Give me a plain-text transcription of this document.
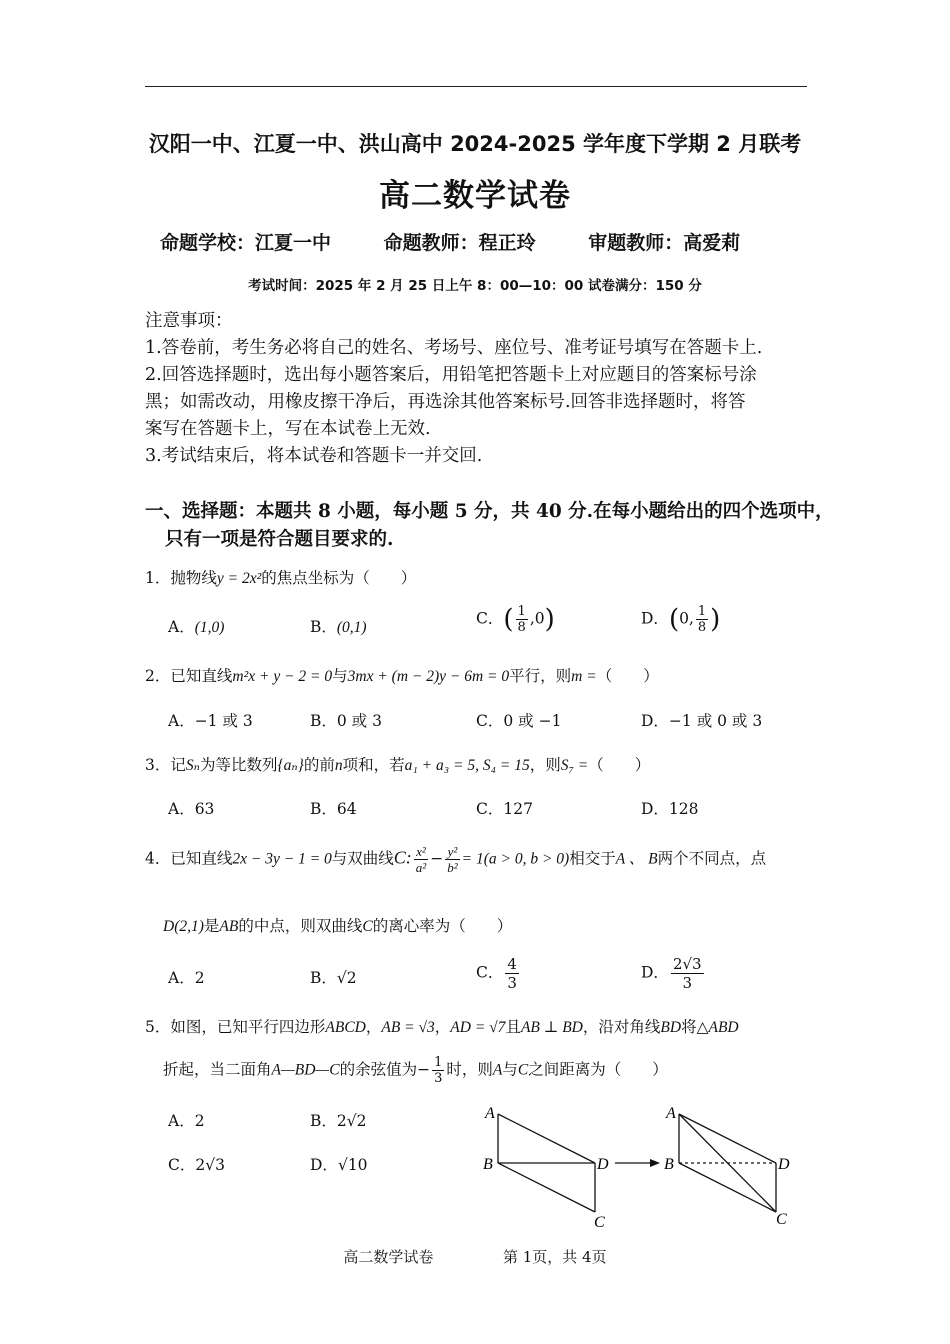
汉阳一中、江夏一中、洪山高中 2024-2025 学年度下学期 2 月联考
高二数学试卷
命题学校：江夏一中	命题教师：程正玲	审题教师：高爱莉
考试时间：2025 年 2 月 25 日上午 8：00—10：00 试卷满分：150 分
注意事项：
1.答卷前，考生务必将自己的姓名、考场号、座位号、准考证号填写在答题卡上.
2.回答选择题时，选出每小题答案后，用铅笔把答题卡上对应题目的答案标号涂
黑；如需改动，用橡皮擦干净后，再选涂其他答案标号.回答非选择题时，将答
案写在答题卡上，写在本试卷上无效.
3.考试结束后，将本试卷和答题卡一并交回.
一、选择题：本题共 8 小题，每小题 5 分，共 40 分.在每小题给出的四个选项中，
只有一项是符合题目要求的.
1．抛物线y = 2x²的焦点坐标为（　　）
A．(1,0)	B．(0,1)	C．( $\frac{1}{8} ,0$)	D．(0, $\frac{1}{8}$ )
2．已知直线m²x + y − 2 = 0与3mx + (m − 2)y − 6m = 0平行，则m =（　　）
A．−1 或 3	B．0 或 3	C．0 或 −1	D．−1 或 0 或 3
3．记Sₙ为等比数列{aₙ}的前n项和，若a₁ + a₃ = 5, S₄ = 15，则S₇ =（　　）
A．63	B．64	C．127	D．128
4．已知直线2x − 3y − 1 = 0与双曲线C: $\frac{\text{x²}}{\text{a²}} - \frac{\text{y²}}{\text{b²}} = 1(a > 0$, b > 0)相交于A 、 B两个不同点，点
D(2,1)是AB的中点，则双曲线C的离心率为（　　）
A．2	B．√2	C． $\frac{4}{3}$	D． $\frac{2√3}{3}$
5．如图，已知平行四边形ABCD，AB = √3，AD = √7且AB ⊥ BD，沿对角线BD将△ABD
折起，当二面角A—BD—C的余弦值为− $\frac{1}{3}$ 时，则A与C之间距离为（　　）
A．2	B．2√2
C．2√3	D．√10
A
B	D
C
A
B	D
C
高二数学试卷	第 1页，共 4页
